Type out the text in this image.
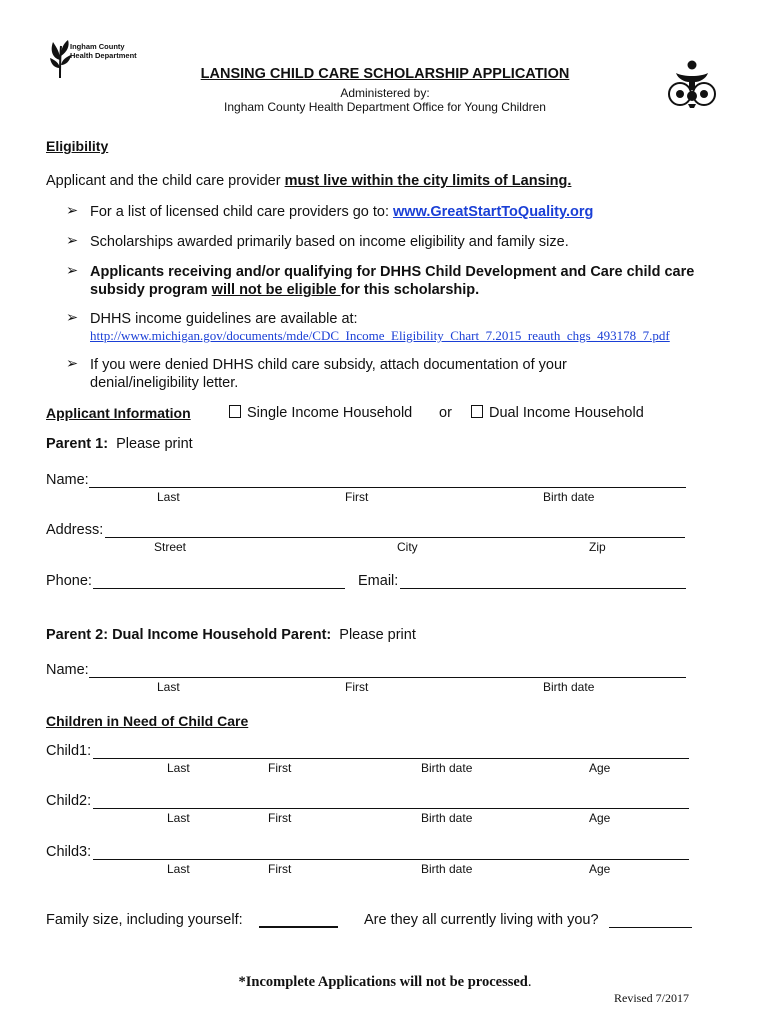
Ingham County
Health Department
LANSING CHILD CARE SCHOLARSHIP APPLICATION
Administered by:
Ingham County Health Department Office for Young Children
Eligibility
Applicant and the child care provider must live within the city limits of Lansing.
➢ For a list of licensed child care providers go to: www.GreatStartToQuality.org
➢ Scholarships awarded primarily based on income eligibility and family size.
➢ Applicants receiving and/or qualifying for DHHS Child Development and Care child care
subsidy program will not be eligible for this scholarship.
➢ DHHS income guidelines are available at:
http://www.michigan.gov/documents/mde/CDC_Income_Eligibility_Chart_7.2015_reauth_chgs_493178_7.pdf
➢ If you were denied DHHS child care subsidy, attach documentation of your
denial/ineligibility letter.
Applicant Information	Single Income Household or	Dual Income Household
Parent 1:  Please print
Name:
Last	First	Birth date
Address:
Street	City	Zip
Phone:	Email:
Parent 2: Dual Income Household Parent:  Please print
Name:
Last	First	Birth date
Children in Need of Child Care
Child1:
Last	First	Birth date	Age
Child2:
Last	First	Birth date	Age
Child3:
Last	First	Birth date	Age
Family size, including yourself:	Are they all currently living with you?
*Incomplete Applications will not be processed.
Revised 7/2017
